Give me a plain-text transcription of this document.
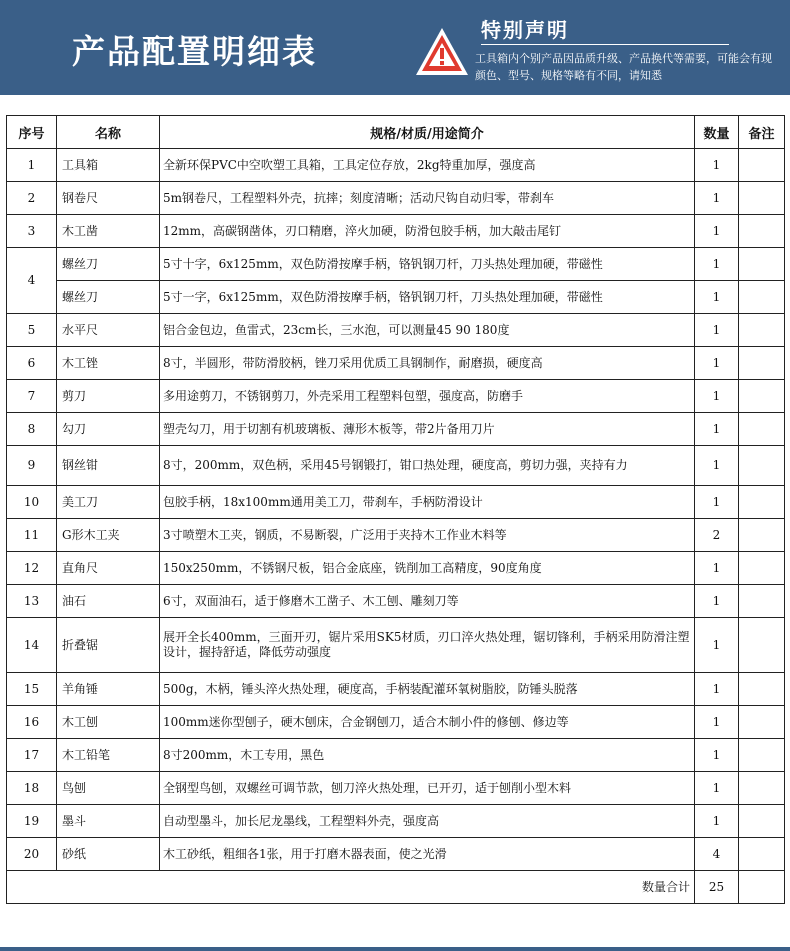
产品配置明细表
特别声明
工具箱内个别产品因品质升级、产品换代等需要，可能会有现颜色、型号、规格等略有不同，请知悉
序号	名称	规格/材质/用途简介	数量	备注
1	工具箱	全新环保PVC中空吹塑工具箱，工具定位存放，2kg特重加厚，强度高	1	
2	钢卷尺	5m钢卷尺，工程塑料外壳，抗摔；刻度清晰；活动尺钩自动归零，带刹车	1	
3	木工凿	12mm，高碳钢凿体，刃口精磨，淬火加硬，防滑包胶手柄，加大敲击尾钉	1	
4	螺丝刀	5寸十字，6x125mm，双色防滑按摩手柄，铬钒钢刀杆，刀头热处理加硬，带磁性	1	
	螺丝刀	5寸一字，6x125mm，双色防滑按摩手柄，铬钒钢刀杆，刀头热处理加硬，带磁性	1	
5	水平尺	铝合金包边，鱼雷式，23cm长，三水泡，可以测量45 90 180度	1	
6	木工锉	8寸，半圆形，带防滑胶柄，锉刀采用优质工具钢制作，耐磨损，硬度高	1	
7	剪刀	多用途剪刀，不锈钢剪刀，外壳采用工程塑料包塑，强度高，防磨手	1	
8	勾刀	塑壳勾刀，用于切割有机玻璃板、薄形木板等，带2片备用刀片	1	
9	钢丝钳	8寸，200mm，双色柄，采用45号钢锻打，钳口热处理，硬度高，剪切力强，夹持有力	1	
10	美工刀	包胶手柄，18x100mm通用美工刀，带刹车，手柄防滑设计	1	
11	G形木工夹	3寸喷塑木工夹，钢质，不易断裂，广泛用于夹持木工作业木料等	2	
12	直角尺	150x250mm，不锈钢尺板，铝合金底座，铣削加工高精度，90度角度	1	
13	油石	6寸，双面油石，适于修磨木工凿子、木工刨、雕刻刀等	1	
14	折叠锯	展开全长400mm，三面开刃，锯片采用SK5材质，刃口淬火热处理，锯切锋利，手柄采用防滑注塑设计，握持舒适，降低劳动强度	1	
15	羊角锤	500g，木柄，锤头淬火热处理，硬度高，手柄装配灌环氧树脂胶，防锤头脱落	1	
16	木工刨	100mm迷你型刨子，硬木刨床，合金钢刨刀，适合木制小件的修刨、修边等	1	
17	木工铅笔	8寸200mm，木工专用，黑色	1	
18	鸟刨	全钢型鸟刨，双螺丝可调节款，刨刀淬火热处理，已开刃，适于刨削小型木料	1	
19	墨斗	自动型墨斗，加长尼龙墨线，工程塑料外壳，强度高	1	
20	砂纸	木工砂纸，粗细各1张，用于打磨木器表面，使之光滑	4	
数量合计			25	
